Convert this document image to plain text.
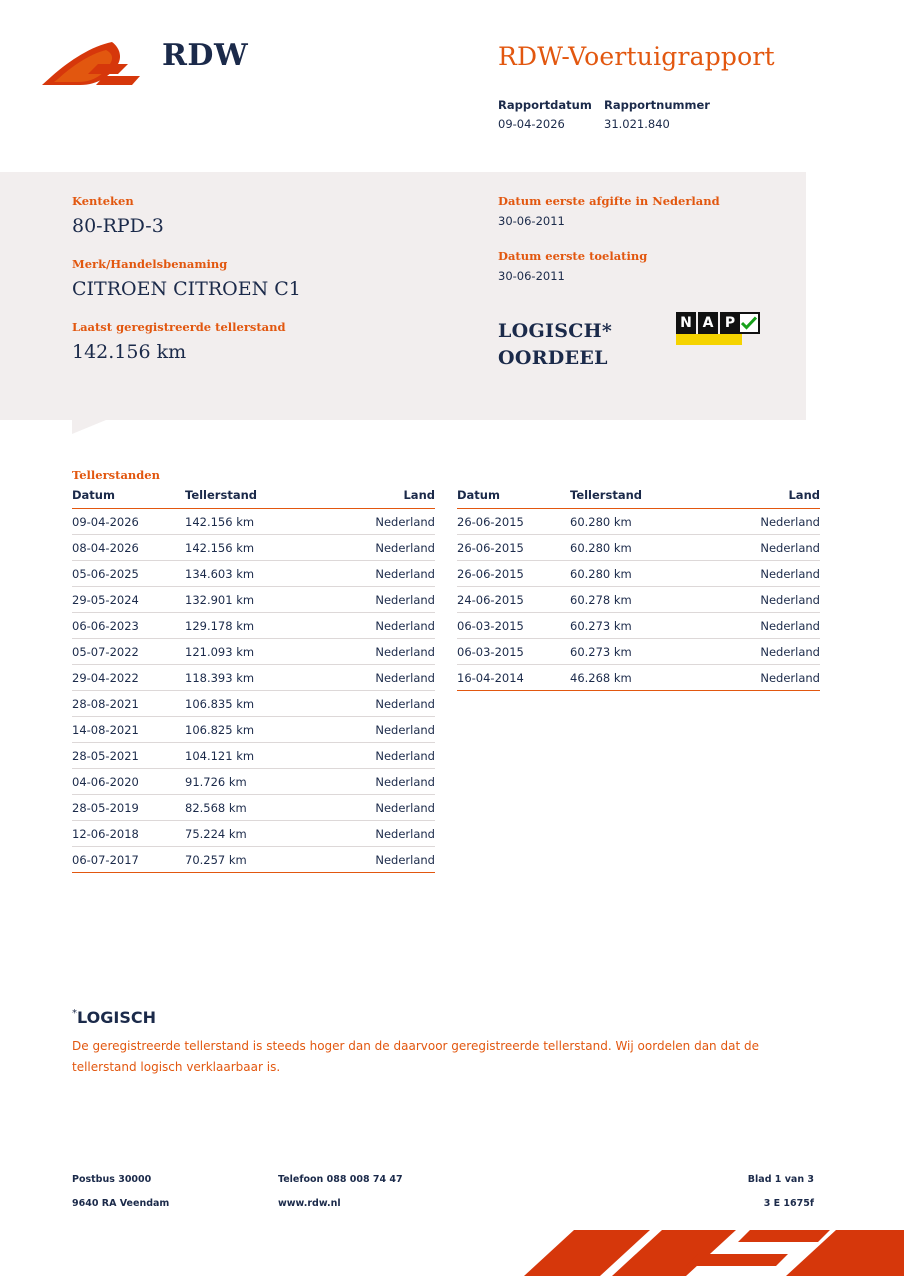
RDW	RDW-Voertuigrapport
Rapportdatum	Rapportnummer
09-04-2026	31.021.840
Kenteken
80-RPD-3
Merk/Handelsbenaming
CITROEN CITROEN C1
Laatst geregistreerde tellerstand
142.156 km
Datum eerste afgifte in Nederland
30-06-2011
Datum eerste toelating
30-06-2011
LOGISCH*
OORDEEL
N A P
Tellerstanden
Datum	Tellerstand	Land
09-04-2026	142.156 km	Nederland
08-04-2026	142.156 km	Nederland
05-06-2025	134.603 km	Nederland
29-05-2024	132.901 km	Nederland
06-06-2023	129.178 km	Nederland
05-07-2022	121.093 km	Nederland
29-04-2022	118.393 km	Nederland
28-08-2021	106.835 km	Nederland
14-08-2021	106.825 km	Nederland
28-05-2021	104.121 km	Nederland
04-06-2020	91.726 km	Nederland
28-05-2019	82.568 km	Nederland
12-06-2018	75.224 km	Nederland
06-07-2017	70.257 km	Nederland
Datum	Tellerstand	Land
26-06-2015	60.280 km	Nederland
26-06-2015	60.280 km	Nederland
26-06-2015	60.280 km	Nederland
24-06-2015	60.278 km	Nederland
06-03-2015	60.273 km	Nederland
06-03-2015	60.273 km	Nederland
16-04-2014	46.268 km	Nederland
*LOGISCH
De geregistreerde tellerstand is steeds hoger dan de daarvoor geregistreerde tellerstand. Wij oordelen dan dat de tellerstand logisch verklaarbaar is.
Postbus 30000
9640 RA Veendam
Telefoon 088 008 74 47
www.rdw.nl
Blad 1 van 3
3 E 1675f
